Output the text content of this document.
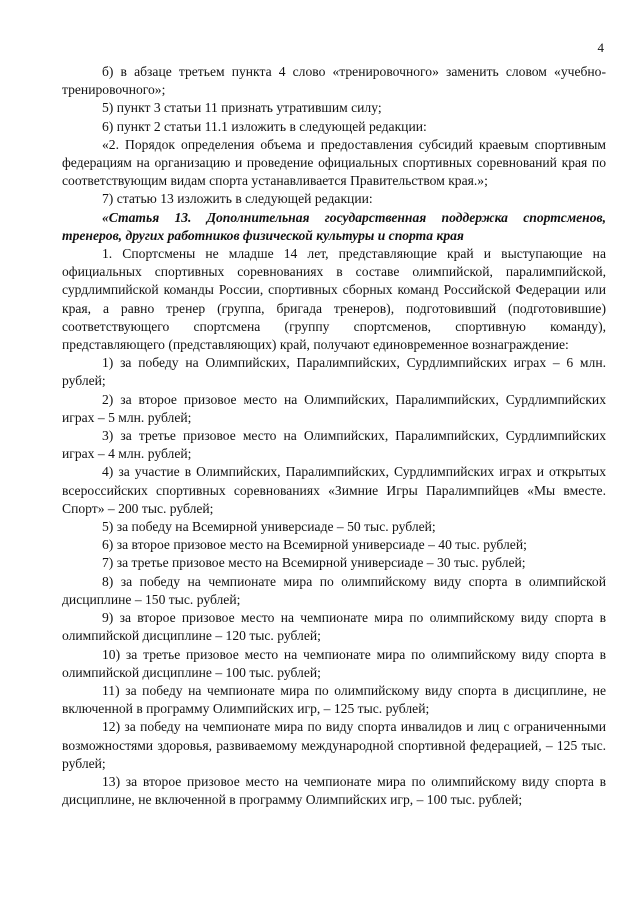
4

б) в абзаце третьем пункта 4 слово «тренировочного» заменить словом «учебно-тренировочного»;

5) пункт 3 статьи 11 признать утратившим силу;

6) пункт 2 статьи 11.1 изложить в следующей редакции:

«2. Порядок определения объема и предоставления субсидий краевым спортивным федерациям на организацию и проведение официальных спортивных соревнований края по соответствующим видам спорта устанавливается Правительством края.»;

7) статью 13 изложить в следующей редакции:

«Статья 13. Дополнительная государственная поддержка спортсменов, тренеров, других работников физической культуры и спорта края

1. Спортсмены не младше 14 лет, представляющие край и выступающие на официальных спортивных соревнованиях в составе олимпийской, паралимпийской, сурдлимпийской команды России, спортивных сборных команд Российской Федерации или края, а равно тренер (группа, бригада тренеров), подготовивший (подготовившие) соответствующего спортсмена (группу спортсменов, спортивную команду), представляющего (представляющих) край, получают единовременное вознаграждение:

1) за победу на Олимпийских, Паралимпийских, Сурдлимпийских играх – 6 млн. рублей;

2) за второе призовое место на Олимпийских, Паралимпийских, Сурдлимпийских играх – 5 млн. рублей;

3) за третье призовое место на Олимпийских, Паралимпийских, Сурдлимпийских играх – 4 млн. рублей;

4) за участие в Олимпийских, Паралимпийских, Сурдлимпийских играх и открытых всероссийских спортивных соревнованиях «Зимние Игры Паралимпийцев «Мы вместе. Спорт» – 200 тыс. рублей;

5) за победу на Всемирной универсиаде – 50 тыс. рублей;

6) за второе призовое место на Всемирной универсиаде – 40 тыс. рублей;

7) за третье призовое место на Всемирной универсиаде – 30 тыс. рублей;

8) за победу на чемпионате мира по олимпийскому виду спорта в олимпийской дисциплине – 150 тыс. рублей;

9) за второе призовое место на чемпионате мира по олимпийскому виду спорта в олимпийской дисциплине – 120 тыс. рублей;

10) за третье призовое место на чемпионате мира по олимпийскому виду спорта в олимпийской дисциплине – 100 тыс. рублей;

11) за победу на чемпионате мира по олимпийскому виду спорта в дисциплине, не включенной в программу Олимпийских игр, – 125 тыс. рублей;

12) за победу на чемпионате мира по виду спорта инвалидов и лиц с ограниченными возможностями здоровья, развиваемому международной спортивной федерацией, – 125 тыс. рублей;

13) за второе призовое место на чемпионате мира по олимпийскому виду спорта в дисциплине, не включенной в программу Олимпийских игр, – 100 тыс. рублей;
